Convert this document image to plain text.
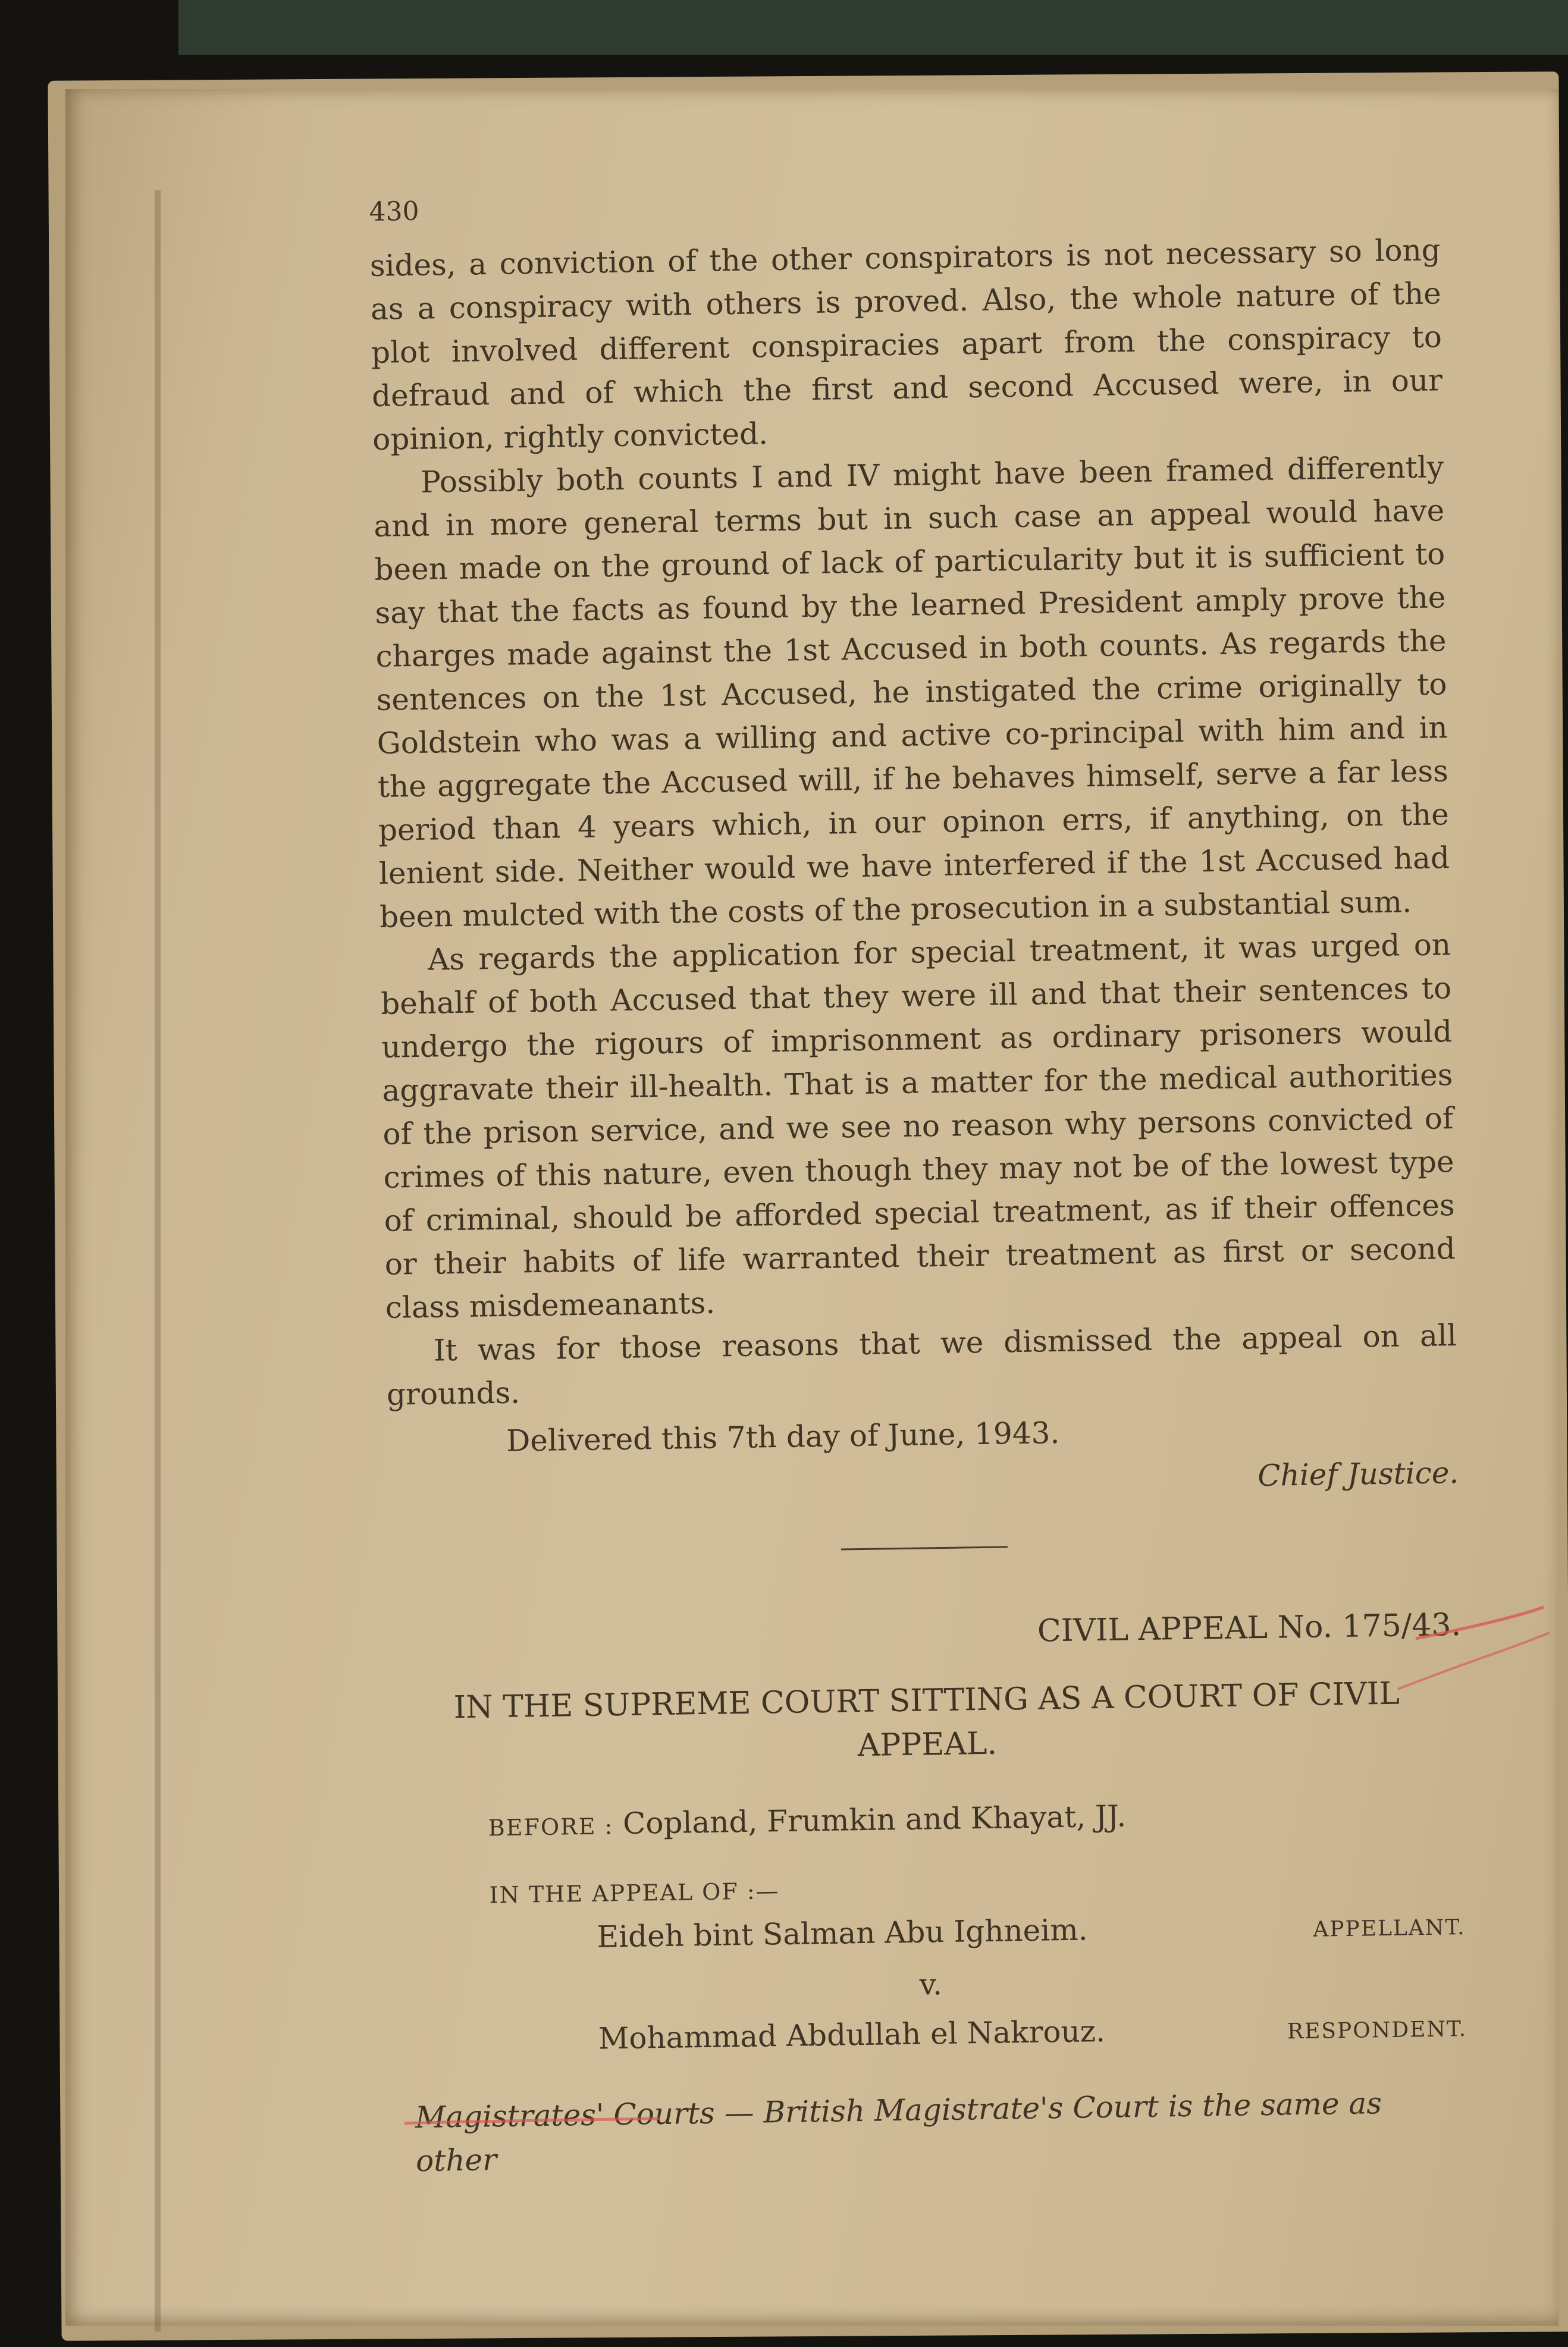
430

sides, a conviction of the other conspirators is not necessary so long as a conspiracy with others is proved. Also, the whole nature of the plot involved different conspiracies apart from the conspiracy to defraud and of which the first and second Accused were, in our opinion, rightly convicted.

Possibly both counts I and IV might have been framed differently and in more general terms but in such case an appeal would have been made on the ground of lack of particularity but it is sufficient to say that the facts as found by the learned President amply prove the charges made against the 1st Accused in both counts. As regards the sentences on the 1st Accused, he instigated the crime originally to Goldstein who was a willing and active co-principal with him and in the aggregate the Accused will, if he behaves himself, serve a far less period than 4 years which, in our opinon errs, if anything, on the lenient side. Neither would we have interfered if the 1st Accused had been mulcted with the costs of the prosecution in a substantial sum.

As regards the application for special treatment, it was urged on behalf of both Accused that they were ill and that their sentences to undergo the rigours of imprisonment as ordinary prisoners would aggravate their ill-health. That is a matter for the medical authorities of the prison service, and we see no reason why persons convicted of crimes of this nature, even though they may not be of the lowest type of criminal, should be afforded special treatment, as if their offences or their habits of life warranted their treatment as first or second class misdemeanants.

It was for those reasons that we dismissed the appeal on all grounds.

Delivered this 7th day of June, 1943.

Chief Justice.

CIVIL APPEAL No. 175/43.

IN THE SUPREME COURT SITTING AS A COURT OF CIVIL APPEAL.

BEFORE : Copland, Frumkin and Khayat, JJ.
IN THE APPEAL OF :—
Eideh bint Salman Abu Ighneim.	APPELLANT.
v.
Mohammad Abdullah el Nakrouz.	RESPONDENT.

Magistrates' Courts — British Magistrate's Court is the same as other
